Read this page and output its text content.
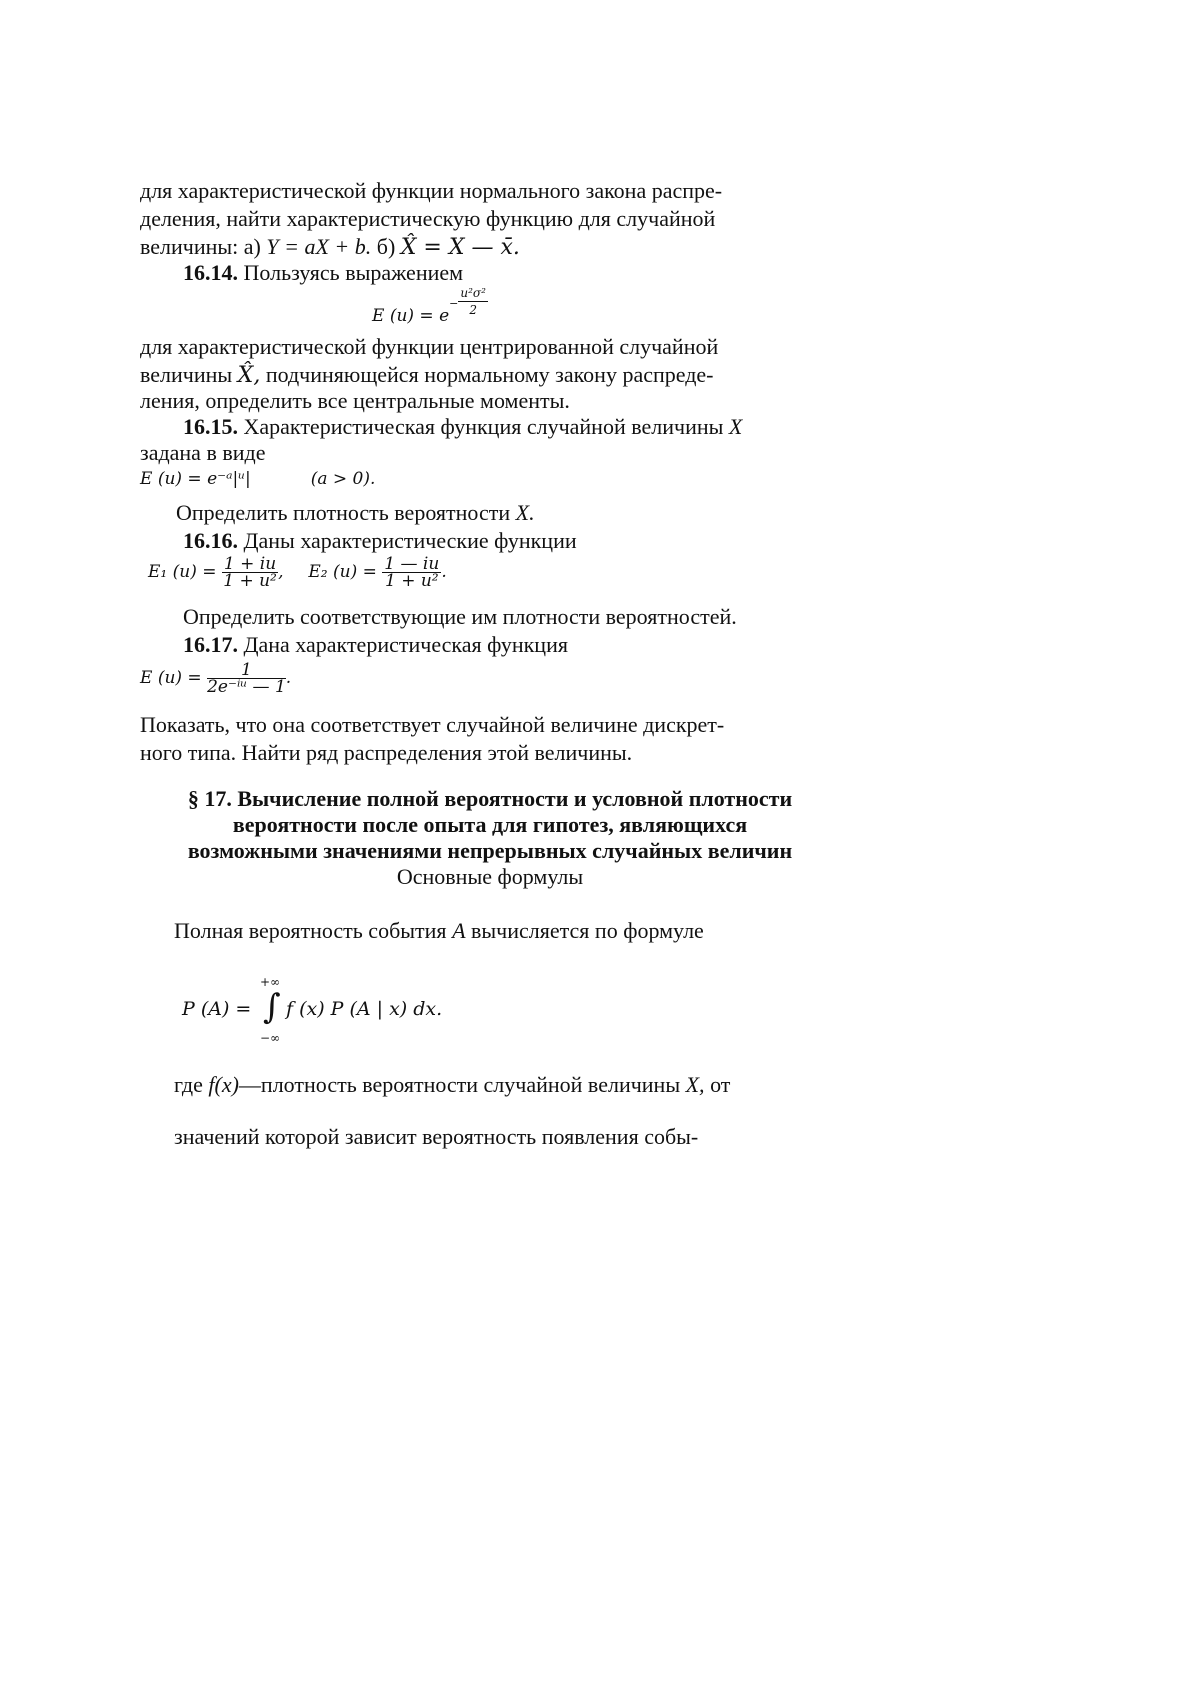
для характеристической функции нормального закона распре-
деления, найти характеристическую функцию для случайной
величины: а) Y = aX + b. б) X̂ = X — x̄.
16.14. Пользуясь выражением
E $(u) = e^- \frac{\text{u²σ²}}{2}$
для характеристической функции центрированной случайной
величины X̂, подчиняющейся нормальному закону распреде-
ления, определить все центральные моменты.
16.15. Характеристическая функция случайной величины X
задана в виде
E (u) = e⁻ᵃ|ᵘ|	(a > 0).
Определить плотность вероятности X.
16.16. Даны характеристические функции
E₁ $(u) = \frac{1 + iu}{\text{1 + u²}}$ ,  E₂ $(u) = \frac{1 — iu}{\text{1 + u²}}$ .
Определить соответствующие им плотности вероятностей.
16.17. Дана характеристическая функция
E $(u) = \frac{1}{\text{2e⁻ⁱᵘ — 1}}$ .
Показать, что она соответствует случайной величине дискрет-
ного типа. Найти ряд распределения этой величины.
§ 17. Вычисление полной вероятности и условной плотности
вероятности после опыта для гипотез, являющихся
возможными значениями непрерывных случайных величин
Основные формулы
Полная вероятность события A вычисляется по формуле
P (A) =
+∞
∫
−∞
f (x) P (A | x) dx.
где f(x)—плотность вероятности случайной величины X, от
значений которой зависит вероятность появления собы-
